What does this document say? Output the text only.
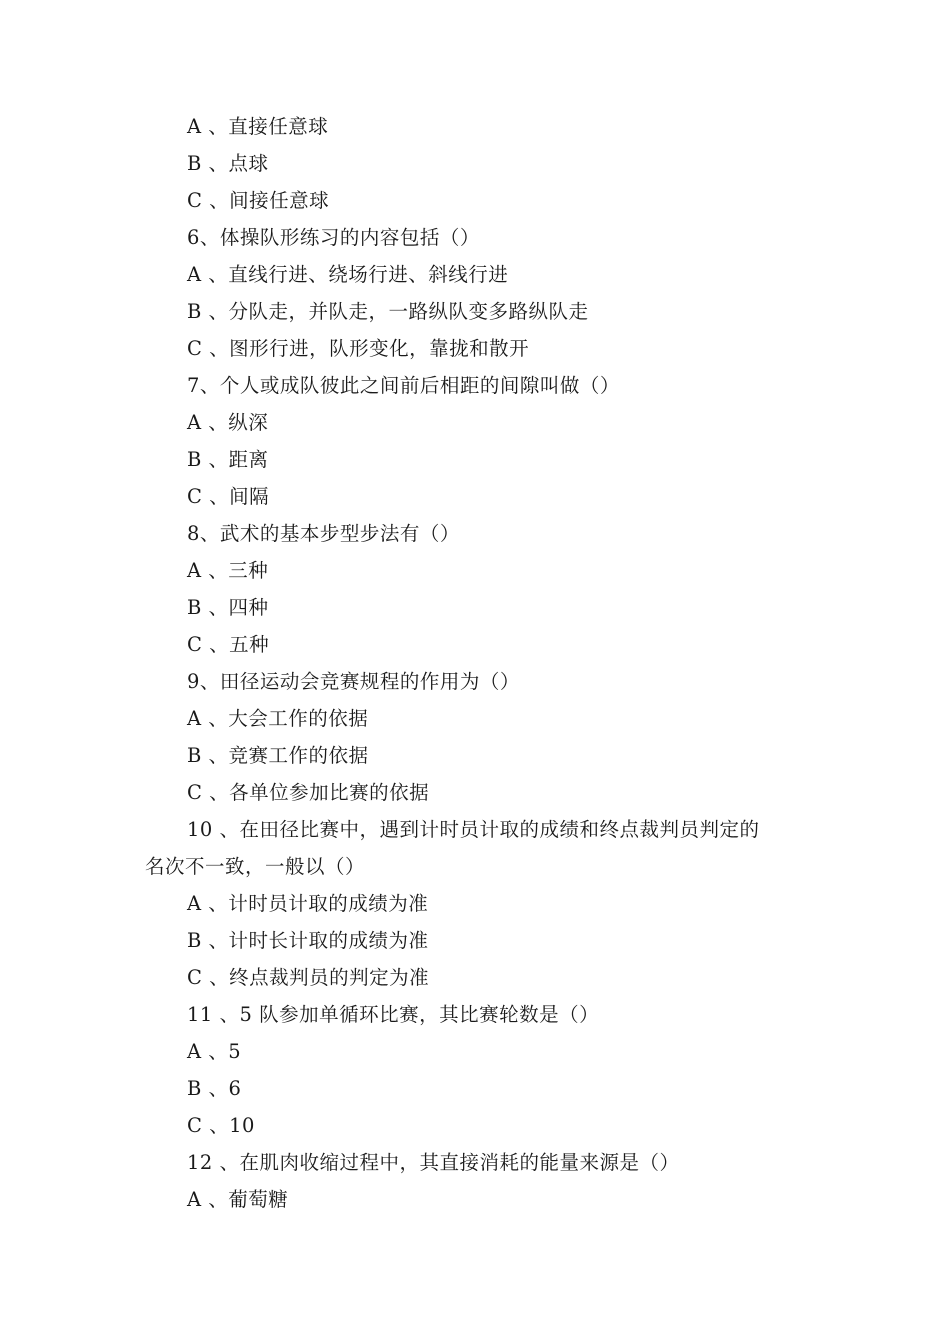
A 、直接任意球
B 、点球
C 、间接任意球
6、体操队形练习的内容包括（）
A 、直线行进、绕场行进、斜线行进
B 、分队走，并队走，一路纵队变多路纵队走
C 、图形行进，队形变化，靠拢和散开
7、个人或成队彼此之间前后相距的间隙叫做（）
A 、纵深
B 、距离
C 、间隔
8、武术的基本步型步法有（）
A 、三种
B 、四种
C 、五种
9、田径运动会竞赛规程的作用为（）
A 、大会工作的依据
B 、竞赛工作的依据
C 、各单位参加比赛的依据
10 、在田径比赛中，遇到计时员计取的成绩和终点裁判员判定的
名次不一致，一般以（）
A 、计时员计取的成绩为准
B 、计时长计取的成绩为准
C 、终点裁判员的判定为准
11 、5 队参加单循环比赛，其比赛轮数是（）
A 、5
B 、6
C 、10
12 、在肌肉收缩过程中，其直接消耗的能量来源是（）
A 、葡萄糖
